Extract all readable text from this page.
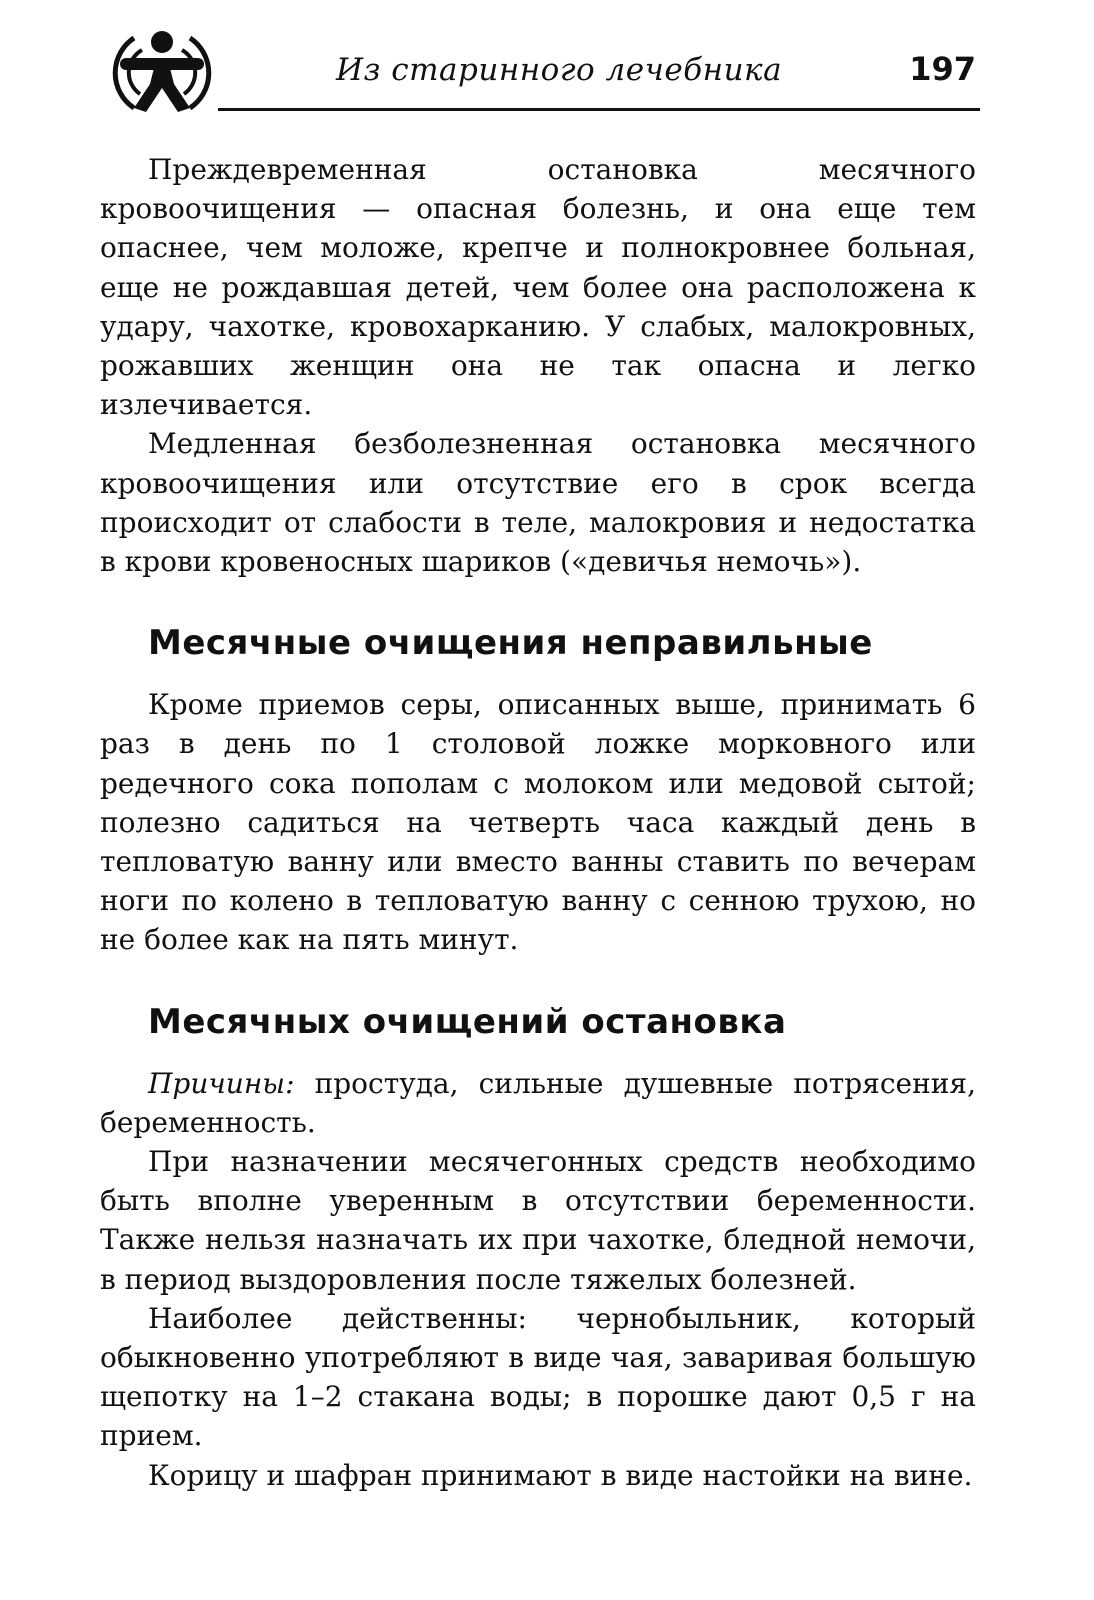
Из старинного лечебника	197

Преждевременная остановка месячного кровоочищения — опасная болезнь, и она еще тем опаснее, чем моложе, крепче и полнокровнее больная, еще не рождавшая детей, чем более она расположена к удару, чахотке, кровохарканию. У слабых, малокровных, рожавших женщин она не так опасна и легко излечивается.

Медленная безболезненная остановка месячного кровоочищения или отсутствие его в срок всегда происходит от слабости в теле, малокровия и недостатка в крови кровеносных шариков («девичья немочь»).

Месячные очищения неправильные

Кроме приемов серы, описанных выше, принимать 6 раз в день по 1 столовой ложке морковного или редечного сока пополам с молоком или медовой сытой; полезно садиться на четверть часа каждый день в тепловатую ванну или вместо ванны ставить по вечерам ноги по колено в тепловатую ванну с сенною трухою, но не более как на пять минут.

Месячных очищений остановка

Причины: простуда, сильные душевные потрясения, беременность.

При назначении месячегонных средств необходимо быть вполне уверенным в отсутствии беременности. Также нельзя назначать их при чахотке, бледной немочи, в период выздоровления после тяжелых болезней.

Наиболее действенны: чернобыльник, который обыкновенно употребляют в виде чая, заваривая большую щепотку на 1–2 стакана воды; в порошке дают 0,5 г на прием.

Корицу и шафран принимают в виде настойки на вине.
